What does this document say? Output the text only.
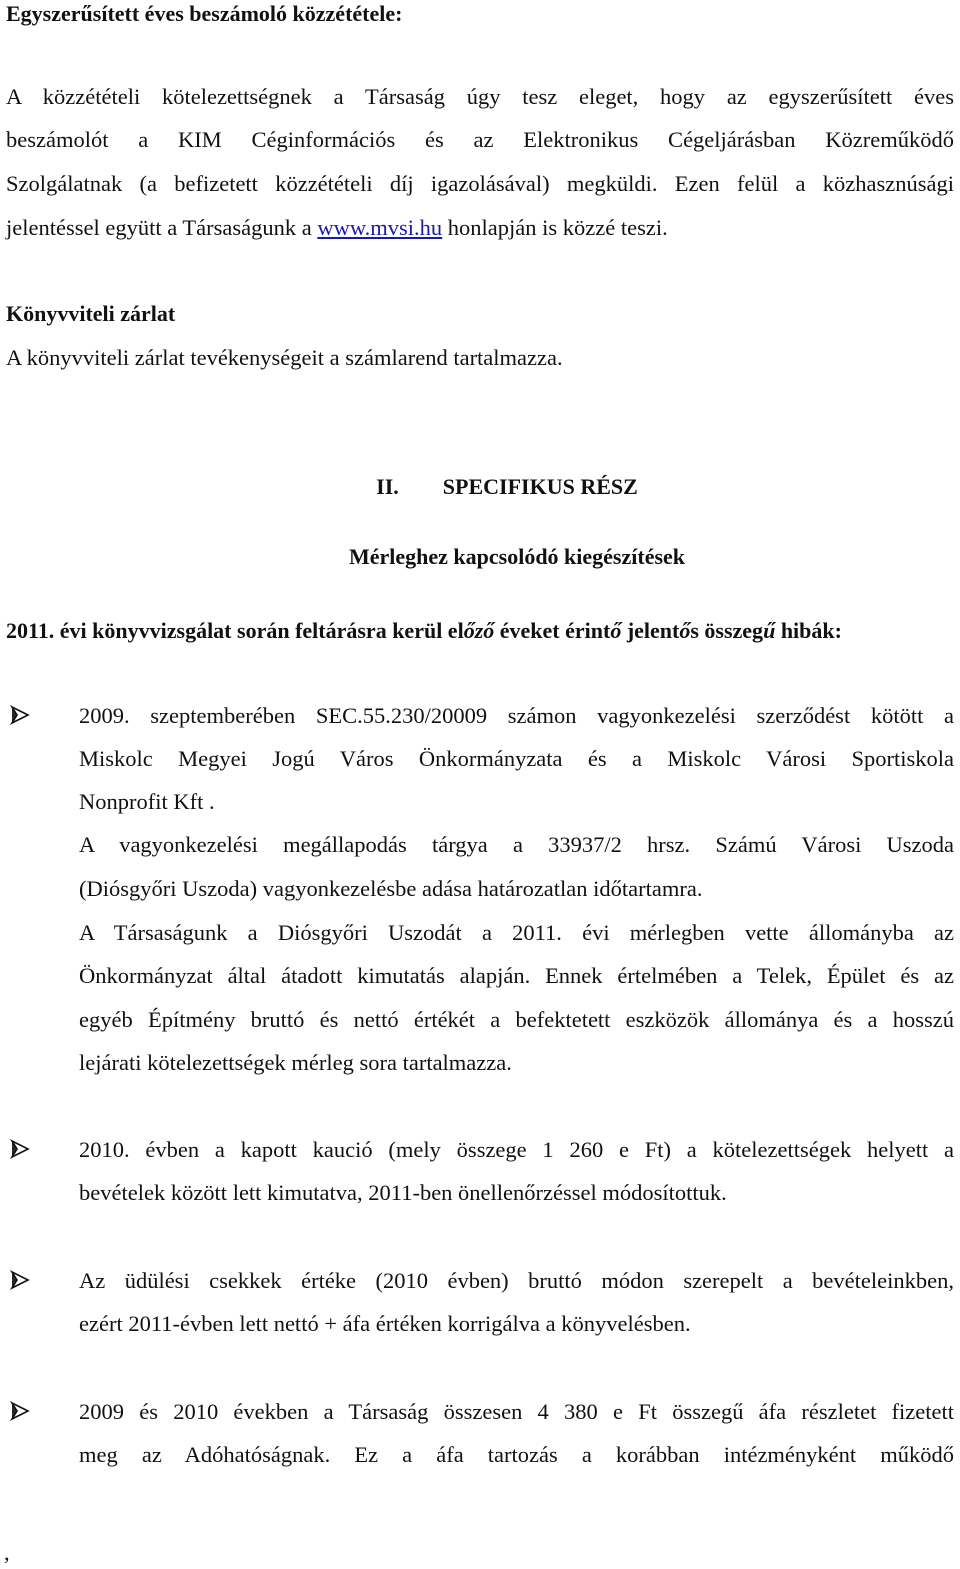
Egyszerűsített éves beszámoló közzététele:
A közzétételi kötelezettségnek a Társaság úgy tesz eleget, hogy az egyszerűsített éves
beszámolót a KIM Céginformációs és az Elektronikus Cégeljárásban Közreműködő
Szolgálatnak (a befizetett közzétételi díj igazolásával) megküldi. Ezen felül a közhasznúsági
jelentéssel együtt a Társaságunk a www.mvsi.hu honlapján is közzé teszi.
Könyvviteli zárlat
A könyvviteli zárlat tevékenységeit a számlarend tartalmazza.
II. SPECIFIKUS RÉSZ
Mérleghez kapcsolódó kiegészítések
2011. évi könyvvizsgálat során feltárásra kerül előző éveket érintő jelentős összegű hibák:
2009. szeptemberében SEC.55.230/20009 számon vagyonkezelési szerződést kötött a
Miskolc Megyei Jogú Város Önkormányzata és a Miskolc Városi Sportiskola
Nonprofit Kft .
A vagyonkezelési megállapodás tárgya a 33937/2 hrsz. Számú Városi Uszoda
(Diósgyőri Uszoda) vagyonkezelésbe adása határozatlan időtartamra.
A Társaságunk a Diósgyőri Uszodát a 2011. évi mérlegben vette állományba az
Önkormányzat által átadott kimutatás alapján. Ennek értelmében a Telek, Épület és az
egyéb Építmény bruttó és nettó értékét a befektetett eszközök állománya és a hosszú
lejárati kötelezettségek mérleg sora tartalmazza.
2010. évben a kapott kaució (mely összege 1 260 e Ft) a kötelezettségek helyett a
bevételek között lett kimutatva, 2011-ben önellenőrzéssel módosítottuk.
Az üdülési csekkek értéke (2010 évben) bruttó módon szerepelt a bevételeinkben,
ezért 2011-évben lett nettó + áfa értéken korrigálva a könyvelésben.
2009 és 2010 években a Társaság összesen 4 380 e Ft összegű áfa részletet fizetett
meg az Adóhatóságnak. Ez a áfa tartozás a korábban intézményként működő
,
